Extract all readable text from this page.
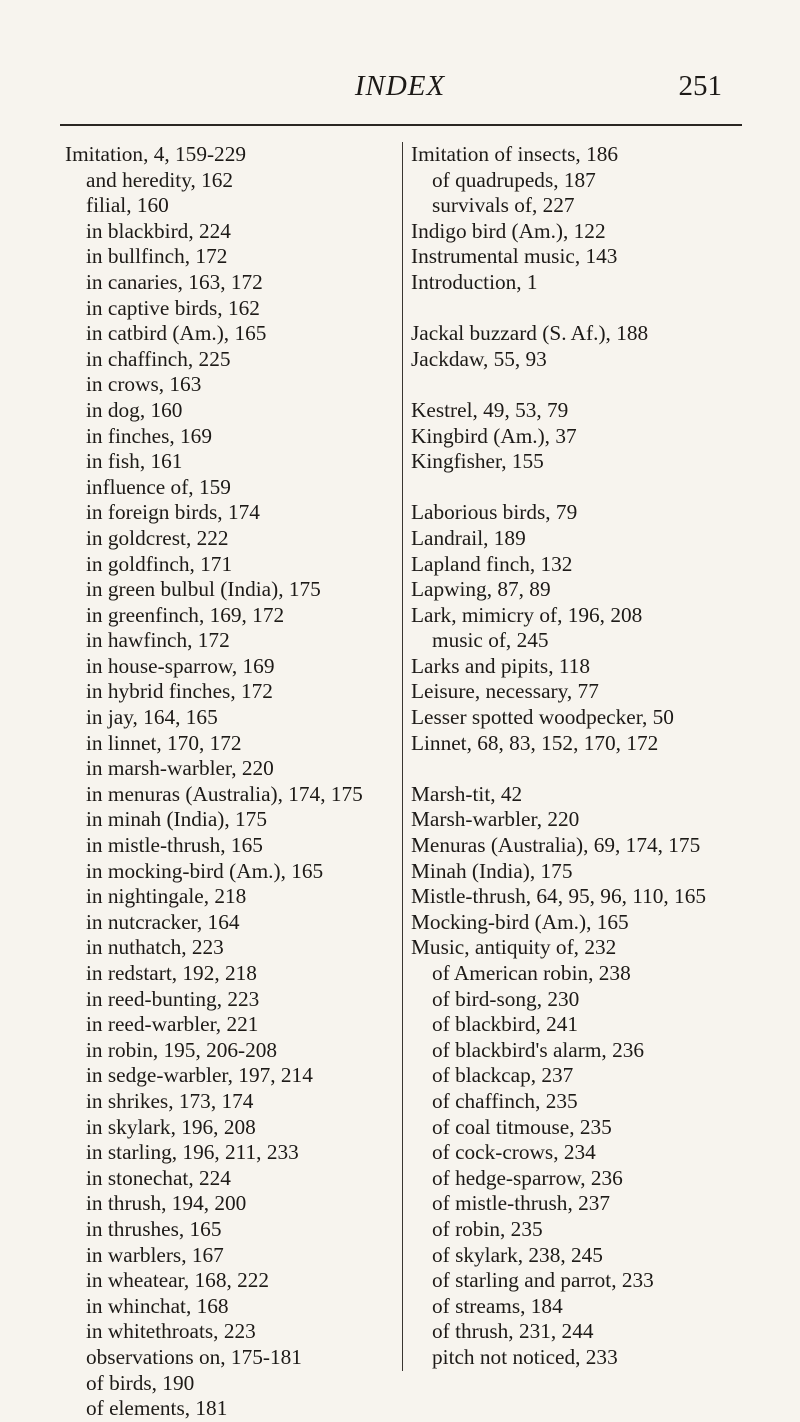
INDEX	251
Imitation, 4, 159-229
and heredity, 162
filial, 160
in blackbird, 224
in bullfinch, 172
in canaries, 163, 172
in captive birds, 162
in catbird (Am.), 165
in chaffinch, 225
in crows, 163
in dog, 160
in finches, 169
in fish, 161
influence of, 159
in foreign birds, 174
in goldcrest, 222
in goldfinch, 171
in green bulbul (India), 175
in greenfinch, 169, 172
in hawfinch, 172
in house-sparrow, 169
in hybrid finches, 172
in jay, 164, 165
in linnet, 170, 172
in marsh-warbler, 220
in menuras (Australia), 174, 175
in minah (India), 175
in mistle-thrush, 165
in mocking-bird (Am.), 165
in nightingale, 218
in nutcracker, 164
in nuthatch, 223
in redstart, 192, 218
in reed-bunting, 223
in reed-warbler, 221
in robin, 195, 206-208
in sedge-warbler, 197, 214
in shrikes, 173, 174
in skylark, 196, 208
in starling, 196, 211, 233
in stonechat, 224
in thrush, 194, 200
in thrushes, 165
in warblers, 167
in wheatear, 168, 222
in whinchat, 168
in whitethroats, 223
observations on, 175-181
of birds, 190
of elements, 181
Imitation of insects, 186
of quadrupeds, 187
survivals of, 227
Indigo bird (Am.), 122
Instrumental music, 143
Introduction, 1
Jackal buzzard (S. Af.), 188
Jackdaw, 55, 93
Kestrel, 49, 53, 79
Kingbird (Am.), 37
Kingfisher, 155
Laborious birds, 79
Landrail, 189
Lapland finch, 132
Lapwing, 87, 89
Lark, mimicry of, 196, 208
music of, 245
Larks and pipits, 118
Leisure, necessary, 77
Lesser spotted woodpecker, 50
Linnet, 68, 83, 152, 170, 172
Marsh-tit, 42
Marsh-warbler, 220
Menuras (Australia), 69, 174, 175
Minah (India), 175
Mistle-thrush, 64, 95, 96, 110, 165
Mocking-bird (Am.), 165
Music, antiquity of, 232
of American robin, 238
of bird-song, 230
of blackbird, 241
of blackbird's alarm, 236
of blackcap, 237
of chaffinch, 235
of coal titmouse, 235
of cock-crows, 234
of hedge-sparrow, 236
of mistle-thrush, 237
of robin, 235
of skylark, 238, 245
of starling and parrot, 233
of streams, 184
of thrush, 231, 244
pitch not noticed, 233
